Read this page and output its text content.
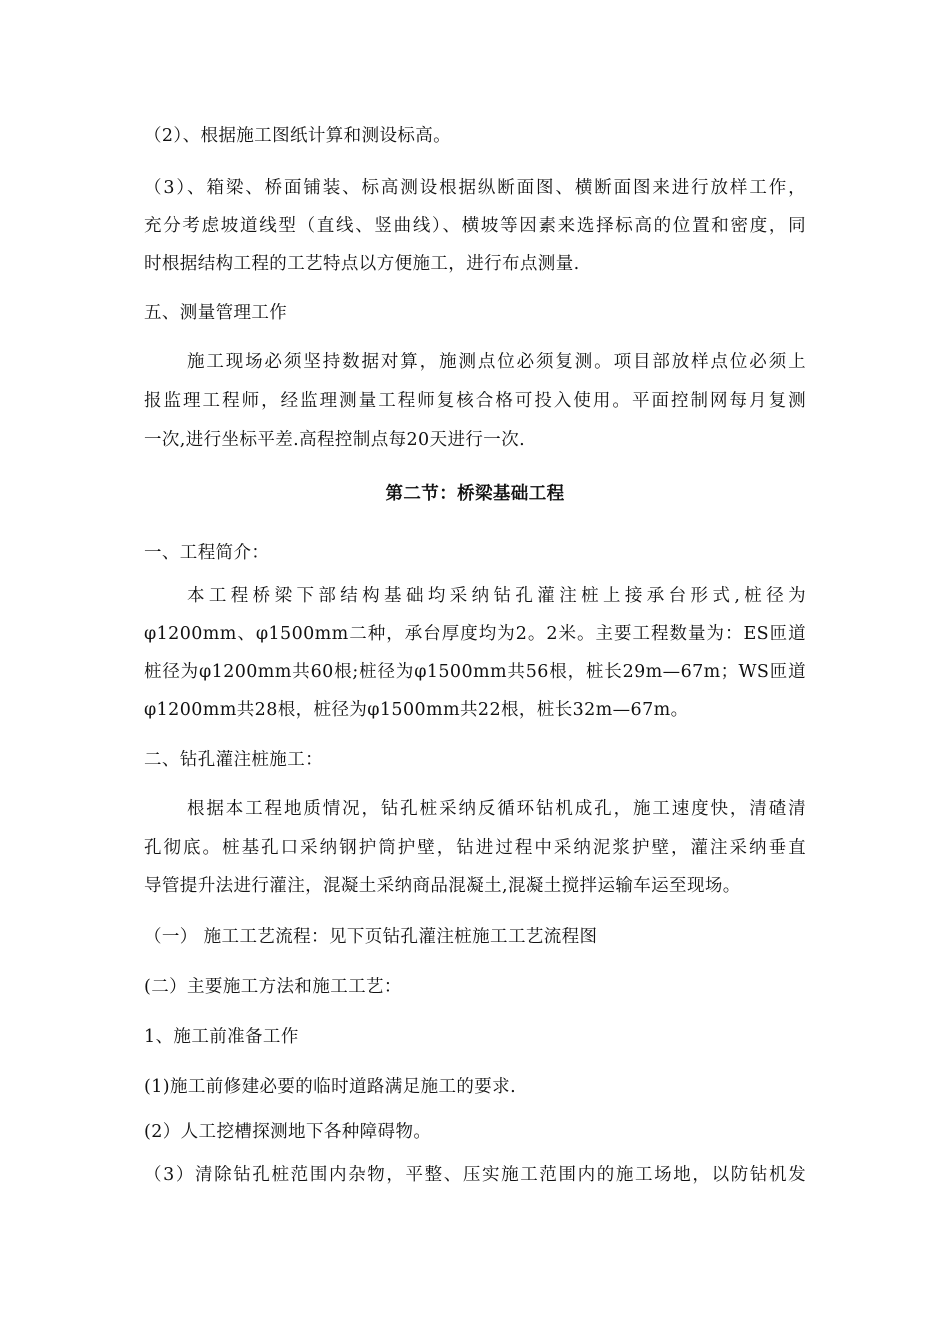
（2）、根据施工图纸计算和测设标高。
（3）、箱梁、桥面铺装、标高测设根据纵断面图、横断面图来进行放样工作，
充分考虑坡道线型（直线、竖曲线）、横坡等因素来选择标高的位置和密度，同
时根据结构工程的工艺特点以方便施工，进行布点测量.
五、测量管理工作
施工现场必须坚持数据对算，施测点位必须复测。项目部放样点位必须上
报监理工程师，经监理测量工程师复核合格可投入使用。平面控制网每月复测
一次,进行坐标平差.高程控制点每20天进行一次.
第二节：桥梁基础工程
一、工程简介：
本工程桥梁下部结构基础均采纳钻孔灌注桩上接承台形式,桩径为
φ1200mm、φ1500mm二种，承台厚度均为2。2米。主要工程数量为：ES匝道
桩径为φ1200mm共60根;桩径为φ1500mm共56根，桩长29m—67m；WS匝道
φ1200mm共28根，桩径为φ1500mm共22根，桩长32m—67m。
二、钻孔灌注桩施工：
根据本工程地质情况，钻孔桩采纳反循环钻机成孔，施工速度快，清碴清
孔彻底。桩基孔口采纳钢护筒护壁，钻进过程中采纳泥浆护壁，灌注采纳垂直
导管提升法进行灌注，混凝土采纳商品混凝土,混凝土搅拌运输车运至现场。
（一） 施工工艺流程：见下页钻孔灌注桩施工工艺流程图
(二）主要施工方法和施工工艺：
1、施工前准备工作
(1)施工前修建必要的临时道路满足施工的要求.
(2）人工挖槽探测地下各种障碍物。
（3）清除钻孔桩范围内杂物，平整、压实施工范围内的施工场地，以防钻机发
